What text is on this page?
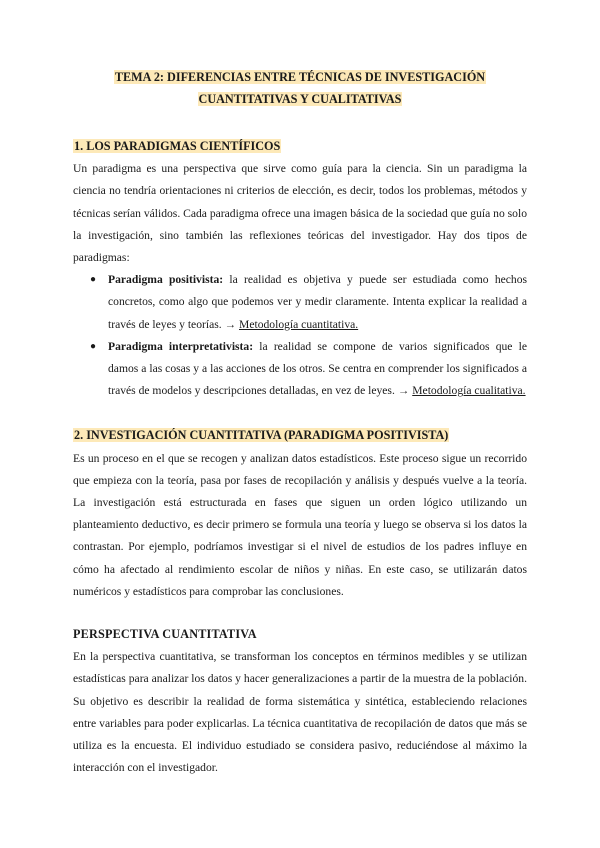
TEMA 2: DIFERENCIAS ENTRE TÉCNICAS DE INVESTIGACIÓN
CUANTITATIVAS Y CUALITATIVAS
1. LOS PARADIGMAS CIENTÍFICOS

Un paradigma es una perspectiva que sirve como guía para la ciencia. Sin un paradigma la ciencia no tendría orientaciones ni criterios de elección, es decir, todos los problemas, métodos y técnicas serían válidos. Cada paradigma ofrece una imagen básica de la sociedad que guía no solo la investigación, sino también las reflexiones teóricas del investigador. Hay dos tipos de paradigmas:

● Paradigma positivista: la realidad es objetiva y puede ser estudiada como hechos concretos, como algo que podemos ver y medir claramente. Intenta explicar la realidad a través de leyes y teorías. → Metodología cuantitativa.
● Paradigma interpretativista: la realidad se compone de varios significados que le damos a las cosas y a las acciones de los otros. Se centra en comprender los significados a través de modelos y descripciones detalladas, en vez de leyes. → Metodología cualitativa.
2. INVESTIGACIÓN CUANTITATIVA (PARADIGMA POSITIVISTA)

Es un proceso en el que se recogen y analizan datos estadísticos. Este proceso sigue un recorrido que empieza con la teoría, pasa por fases de recopilación y análisis y después vuelve a la teoría. La investigación está estructurada en fases que siguen un orden lógico utilizando un planteamiento deductivo, es decir primero se formula una teoría y luego se observa si los datos la contrastan. Por ejemplo, podríamos investigar si el nivel de estudios de los padres influye en cómo ha afectado al rendimiento escolar de niños y niñas. En este caso, se utilizarán datos numéricos y estadísticos para comprobar las conclusiones.

PERSPECTIVA CUANTITATIVA

En la perspectiva cuantitativa, se transforman los conceptos en términos medibles y se utilizan estadísticas para analizar los datos y hacer generalizaciones a partir de la muestra de la población. Su objetivo es describir la realidad de forma sistemática y sintética, estableciendo relaciones entre variables para poder explicarlas. La técnica cuantitativa de recopilación de datos que más se utiliza es la encuesta. El individuo estudiado se considera pasivo, reduciéndose al máximo la interacción con el investigador.
